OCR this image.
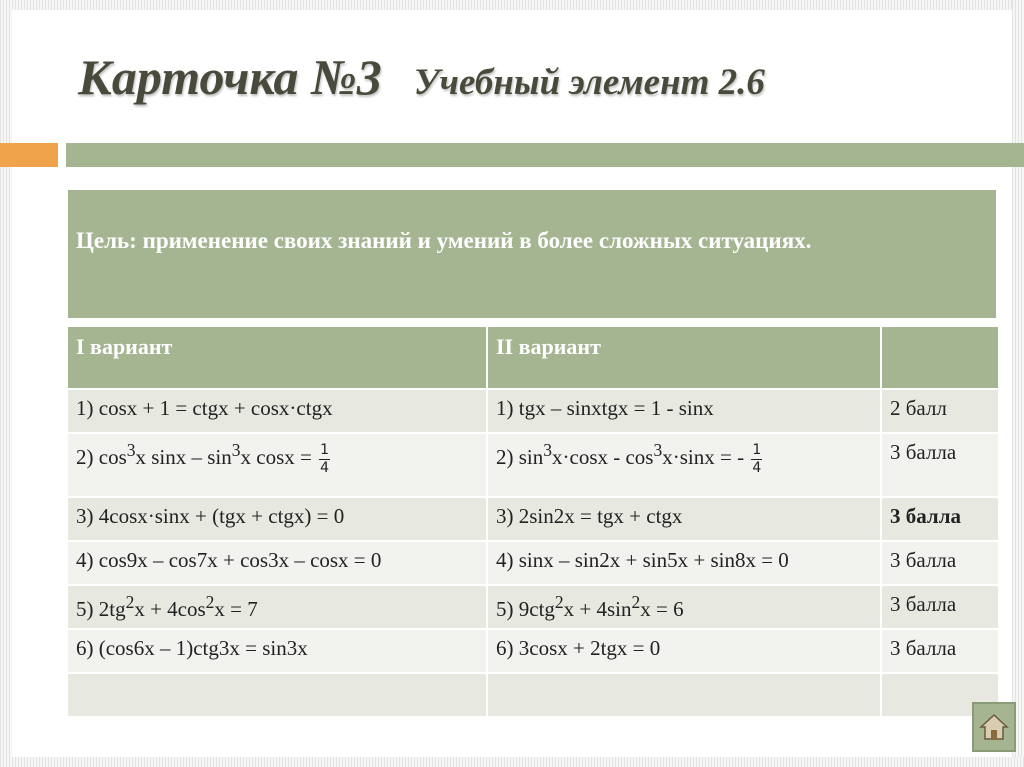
Карточка №3 Учебный элемент 2.6
Цель: применение своих знаний и умений в более сложных ситуациях.
I вариант	II вариант	
1) cosx + 1 = ctgx + cosx·ctgx	1) tgx – sinxtgx = 1 - sinx	2 балл
2) $\cos^3x$ sinx – $\sin^3x$ $\cos x = \frac{1}{4}$	2) $\sin^3x\cdot\cos x - \cos^3x\cdot\sin x$ = - $\frac{1}{4}$	3 балла
3) 4cosx·sinx + (tgx + ctgx) = 0	3) 2sin2x = tgx + ctgx	3 балла
4) cos9x – cos7x + cos3x – cosx = 0	4) sinx – sin2x + sin5x + sin8x = 0	3 балла
5) $2tg^2x + 4\cos^2x = 7$	5) $9ctg^2x + 4\sin^2x = 6$	3 балла
6) (cos6x – 1)ctg3x = sin3x	6) 3cosx + 2tgx = 0	3 балла
